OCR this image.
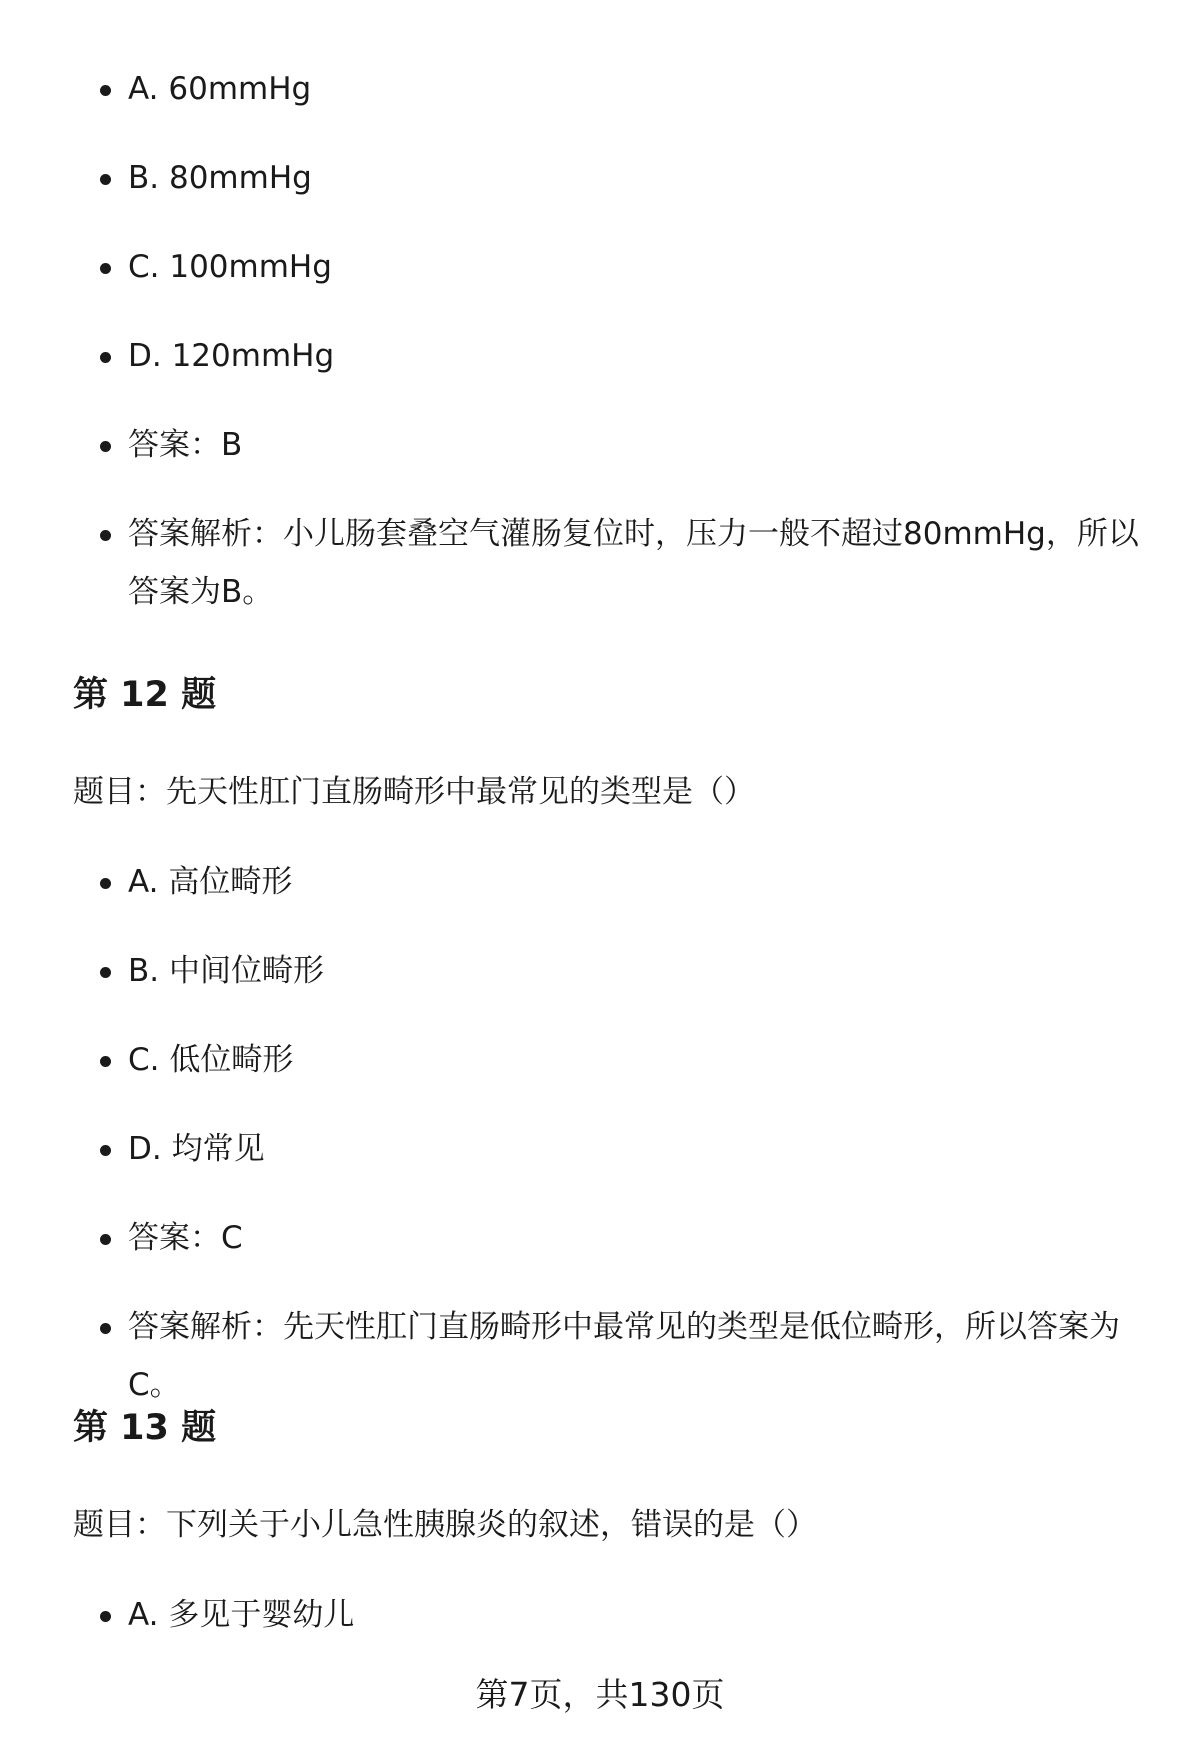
A. 60mmHg
B. 80mmHg
C. 100mmHg
D. 120mmHg
答案：B
答案解析：小儿肠套叠空气灌肠复位时，压力一般不超过80mmHg，所以答案为B。
第 12 题
题目：先天性肛门直肠畸形中最常见的类型是（）
A. 高位畸形
B. 中间位畸形
C. 低位畸形
D. 均常见
答案：C
答案解析：先天性肛门直肠畸形中最常见的类型是低位畸形，所以答案为C。
第 13 题
题目：下列关于小儿急性胰腺炎的叙述，错误的是（）
A. 多见于婴幼儿
第7页，共130页
